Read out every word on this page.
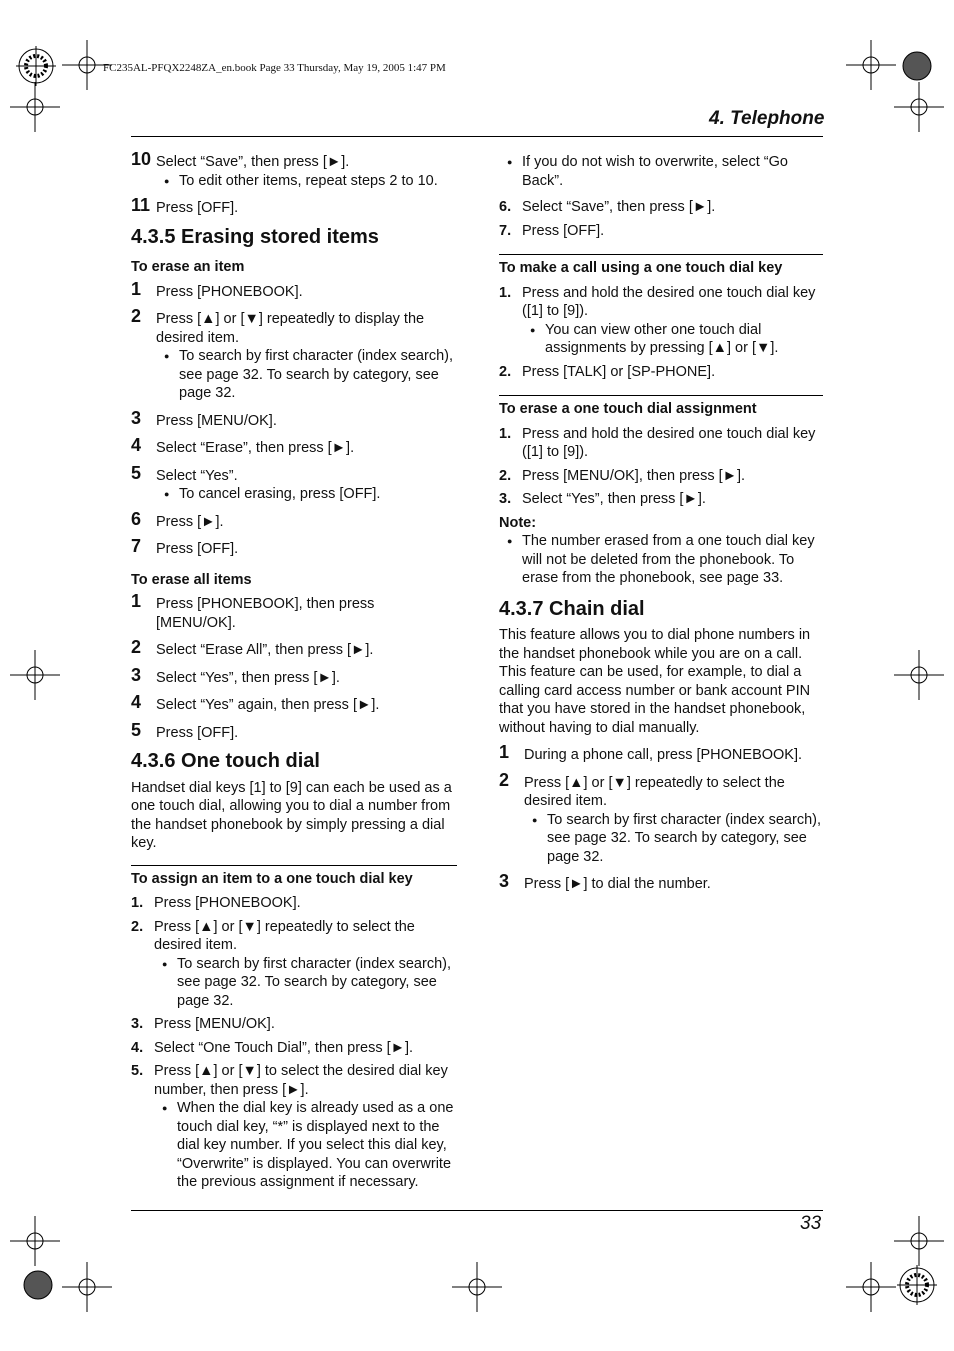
FC235AL-PFQX2248ZA_en.book Page 33 Thursday, May 19, 2005 1:47 PM
4. Telephone
10 Select “Save”, then press [►].
● To edit other items, repeat steps 2 to 10.
11 Press [OFF].
4.3.5 Erasing stored items
To erase an item
1 Press [PHONEBOOK].
2 Press [▲] or [▼] repeatedly to display the desired item.
● To search by first character (index search), see page 32. To search by category, see page 32.
3 Press [MENU/OK].
4 Select “Erase”, then press [►].
5 Select “Yes”.
● To cancel erasing, press [OFF].
6 Press [►].
7 Press [OFF].
To erase all items
1 Press [PHONEBOOK], then press [MENU/OK].
2 Select “Erase All”, then press [►].
3 Select “Yes”, then press [►].
4 Select “Yes” again, then press [►].
5 Press [OFF].
4.3.6 One touch dial
Handset dial keys [1] to [9] can each be used as a one touch dial, allowing you to dial a number from the handset phonebook by simply pressing a dial key.
To assign an item to a one touch dial key
1. Press [PHONEBOOK].
2. Press [▲] or [▼] repeatedly to select the desired item.
● To search by first character (index search), see page 32. To search by category, see page 32.
3. Press [MENU/OK].
4. Select “One Touch Dial”, then press [►].
5. Press [▲] or [▼] to select the desired dial key number, then press [►].
● When the dial key is already used as a one touch dial key, “*” is displayed next to the dial key number. If you select this dial key, “Overwrite” is displayed. You can overwrite the previous assignment if necessary.
● If you do not wish to overwrite, select “Go Back”.
6. Select “Save”, then press [►].
7. Press [OFF].
To make a call using a one touch dial key
1. Press and hold the desired one touch dial key ([1] to [9]).
● You can view other one touch dial assignments by pressing [▲] or [▼].
2. Press [TALK] or [SP-PHONE].
To erase a one touch dial assignment
1. Press and hold the desired one touch dial key ([1] to [9]).
2. Press [MENU/OK], then press [►].
3. Select “Yes”, then press [►].
Note:
● The number erased from a one touch dial key will not be deleted from the phonebook. To erase from the phonebook, see page 33.
4.3.7 Chain dial
This feature allows you to dial phone numbers in the handset phonebook while you are on a call. This feature can be used, for example, to dial a calling card access number or bank account PIN that you have stored in the handset phonebook, without having to dial manually.
1 During a phone call, press [PHONEBOOK].
2 Press [▲] or [▼] repeatedly to select the desired item.
● To search by first character (index search), see page 32. To search by category, see page 32.
3 Press [►] to dial the number.
33
